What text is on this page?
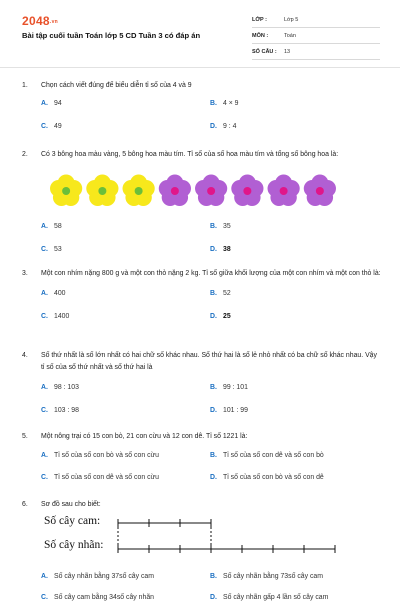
2048.vn
Bài tập cuối tuần Toán lớp 5 CD Tuần 3 có đáp án
LỚP :	Lớp 5
MÔN :	Toán
SỐ CÂU :	13
1.	Chọn cách viết đúng để biểu diễn tỉ số của 4 và 9
A. 94	B. 4 × 9
C. 49	D. 9 : 4
2.	Có 3 bông hoa màu vàng, 5 bông hoa màu tím. Tỉ số của số hoa màu tím và tổng số bông hoa là:
A. 58	B. 35
C. 53	D. 38
3.	Một con nhím nặng 800 g và một con thỏ nặng 2 kg. Tỉ số giữa khối lượng của một con nhím và một con thỏ là:
A. 400	B. 52
C. 1400	D. 25
4.	Số thứ nhất là số lớn nhất có hai chữ số khác nhau. Số thứ hai là số lẻ nhỏ nhất có ba chữ số khác nhau. Vậy tỉ số của số thứ nhất và số thứ hai là
A. 98 : 103	B. 99 : 101
C. 103 : 98	D. 101 : 99
5.	Một nông trại có 15 con bò, 21 con cừu và 12 con dê. Tỉ số 1221 là:
A. Tỉ số của số con bò và số con cừu	B. Tỉ số của số con dê và số con bò
C. Tỉ số của số con dê và số con cừu	D. Tỉ số của số con bò và số con dê
6.	Sơ đồ sau cho biết:
Số cây cam:
Số cây nhãn:
A. Số cây nhãn bằng 37số cây cam	B. Số cây nhãn bằng 73số cây cam
C. Số cây cam bằng 34số cây nhãn	D. Số cây nhãn gấp 4 lần số cây cam
